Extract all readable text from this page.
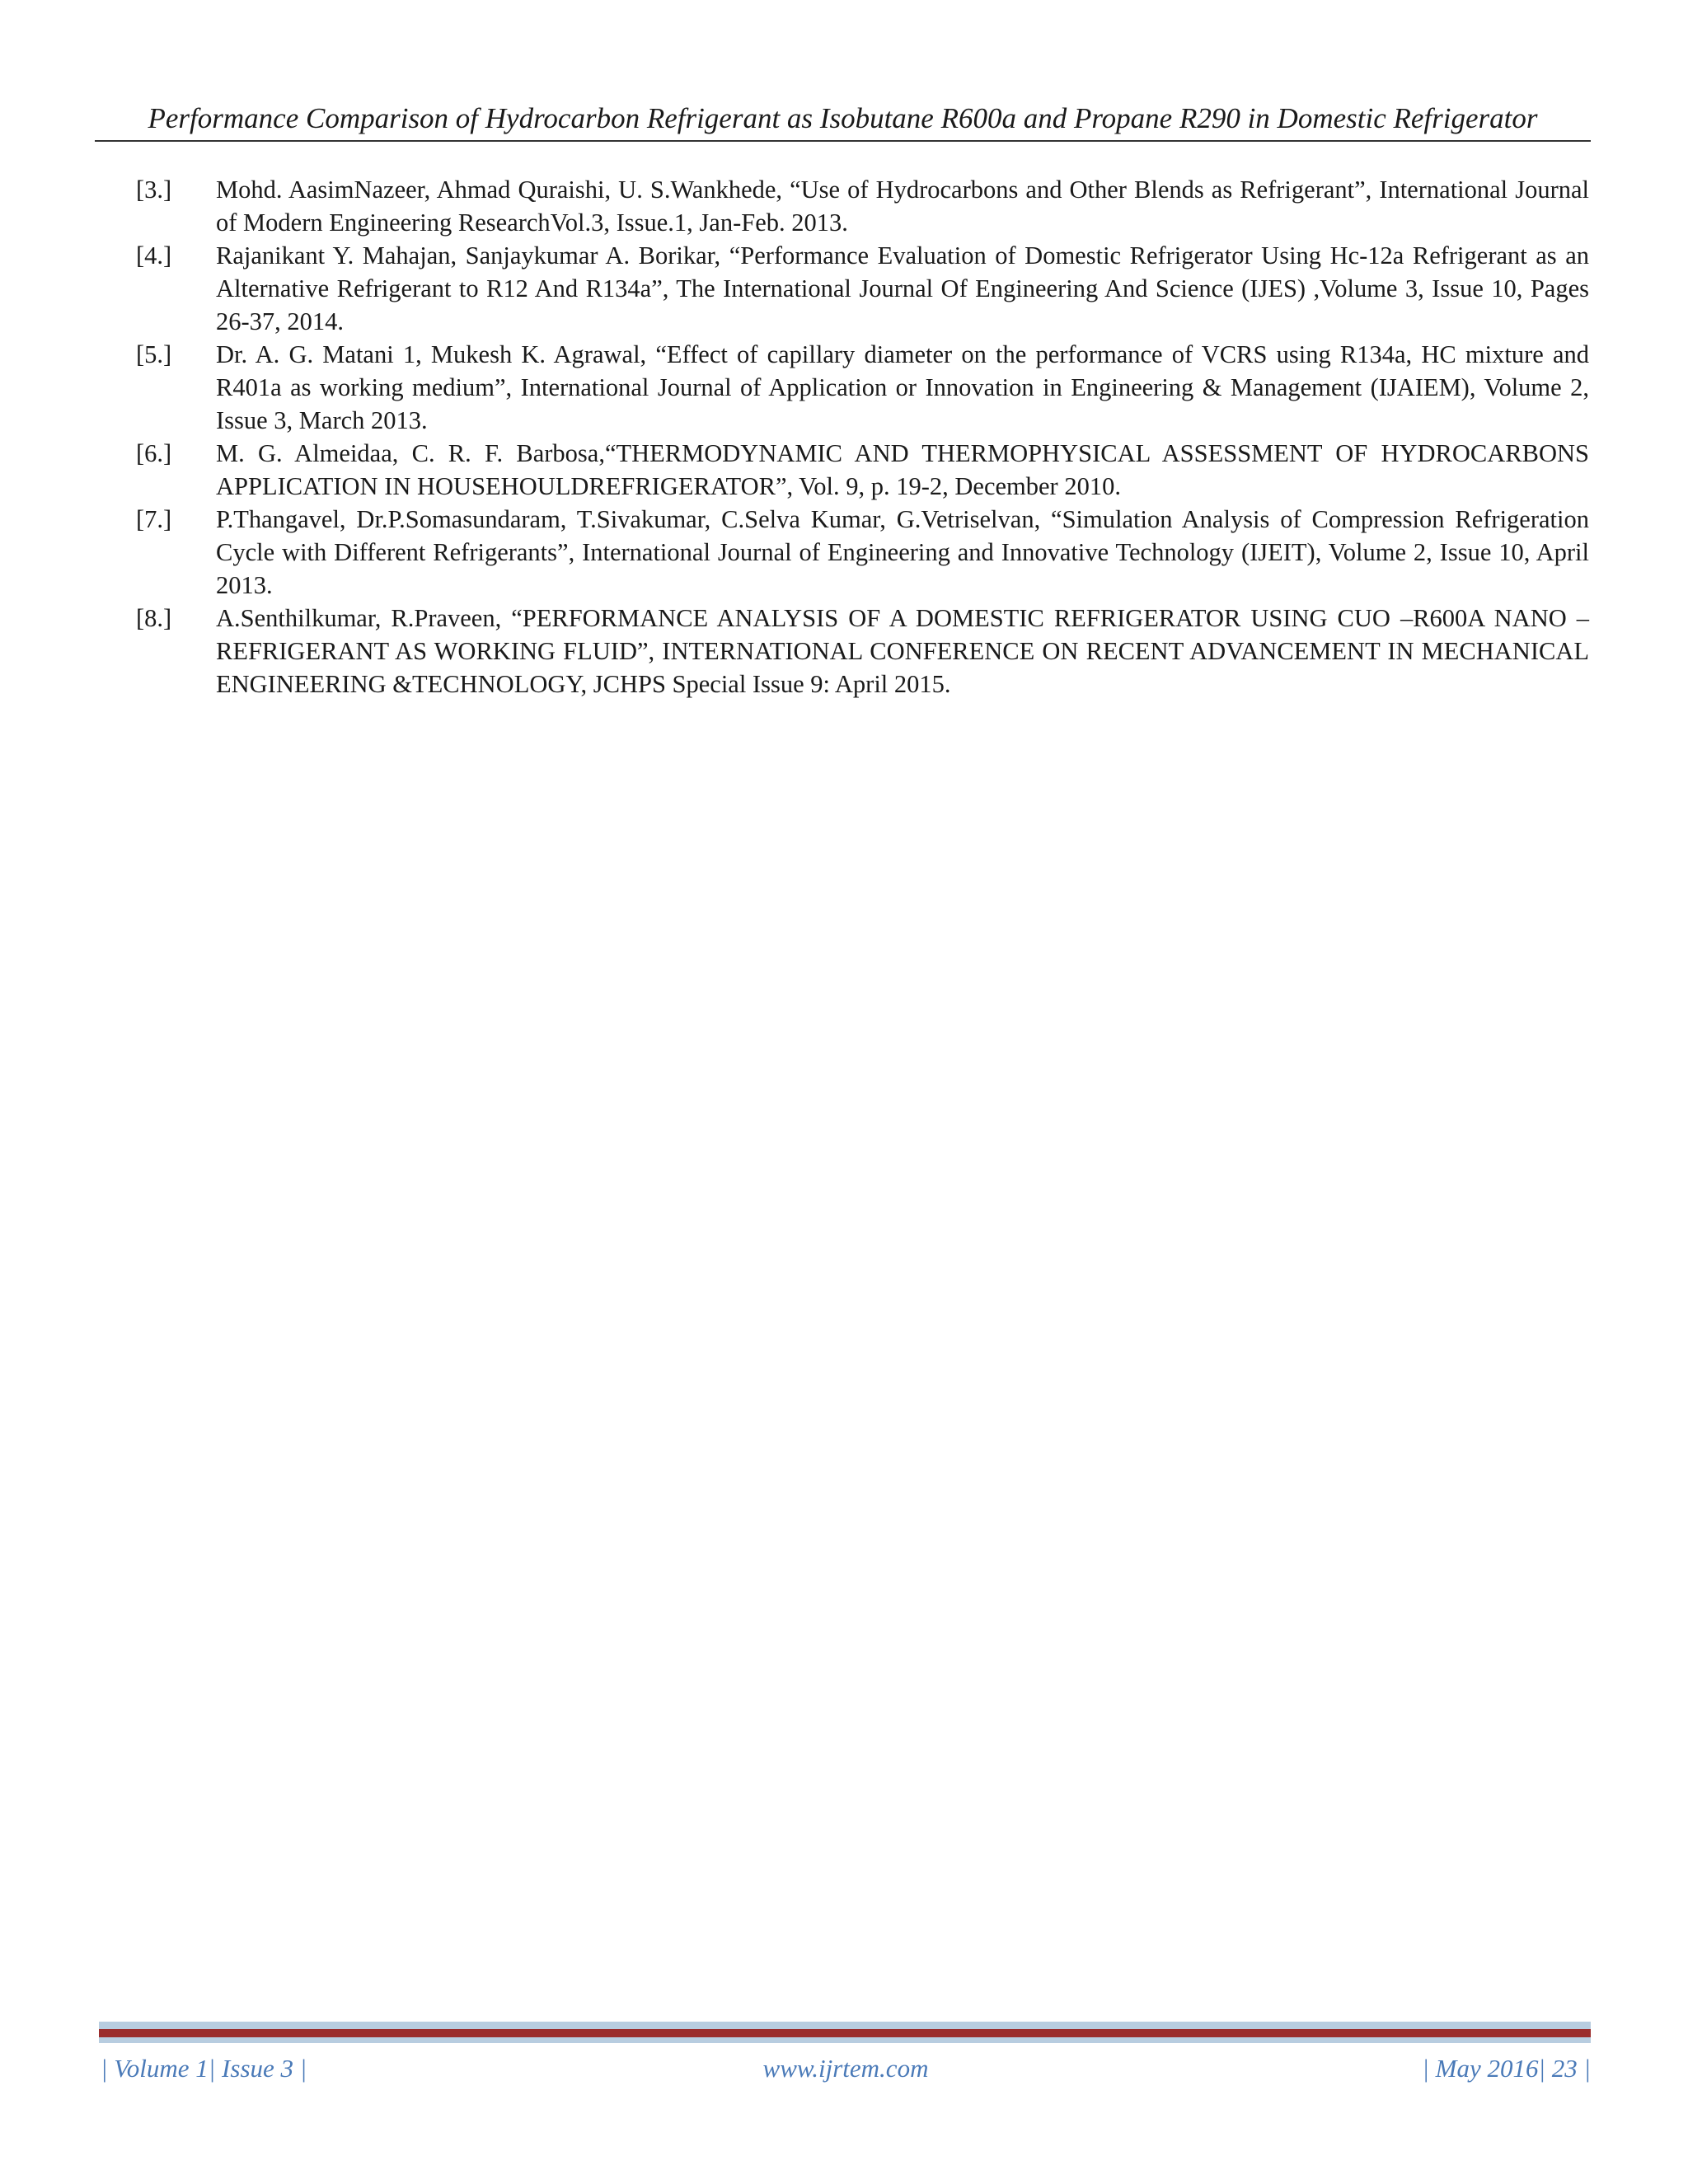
Performance Comparison of Hydrocarbon Refrigerant as Isobutane R600a and Propane R290 in Domestic Refrigerator
[3.]	Mohd. AasimNazeer, Ahmad Quraishi, U. S.Wankhede, “Use of Hydrocarbons and Other Blends as Refrigerant”, International Journal of Modern Engineering ResearchVol.3, Issue.1, Jan-Feb. 2013.
[4.]	Rajanikant Y. Mahajan, Sanjaykumar A. Borikar, “Performance Evaluation of Domestic Refrigerator Using Hc-12a Refrigerant as an Alternative Refrigerant to R12 And R134a”, The International Journal Of Engineering And Science (IJES) ,Volume 3, Issue 10, Pages 26-37, 2014.
[5.]	Dr. A. G. Matani 1, Mukesh K. Agrawal, “Effect of capillary diameter on the performance of VCRS using R134a, HC mixture and R401a as working medium”, International Journal of Application or Innovation in Engineering & Management (IJAIEM), Volume 2, Issue 3, March 2013.
[6.]	M. G. Almeidaa, C. R. F. Barbosa,“THERMODYNAMIC AND THERMOPHYSICAL ASSESSMENT OF HYDROCARBONS APPLICATION IN HOUSEHOULDREFRIGERATOR”, Vol. 9, p. 19-2, December 2010.
[7.]	P.Thangavel, Dr.P.Somasundaram, T.Sivakumar, C.Selva Kumar, G.Vetriselvan, “Simulation Analysis of Compression Refrigeration Cycle with Different Refrigerants”, International Journal of Engineering and Innovative Technology (IJEIT), Volume 2, Issue 10, April 2013.
[8.]	A.Senthilkumar, R.Praveen, “PERFORMANCE ANALYSIS OF A DOMESTIC REFRIGERATOR USING CUO –R600A NANO – REFRIGERANT AS WORKING FLUID”, INTERNATIONAL CONFERENCE ON RECENT ADVANCEMENT IN MECHANICAL ENGINEERING &TECHNOLOGY, JCHPS Special Issue 9: April 2015.
| Volume 1| Issue 3 |	www.ijrtem.com	| May 2016| 23 |
